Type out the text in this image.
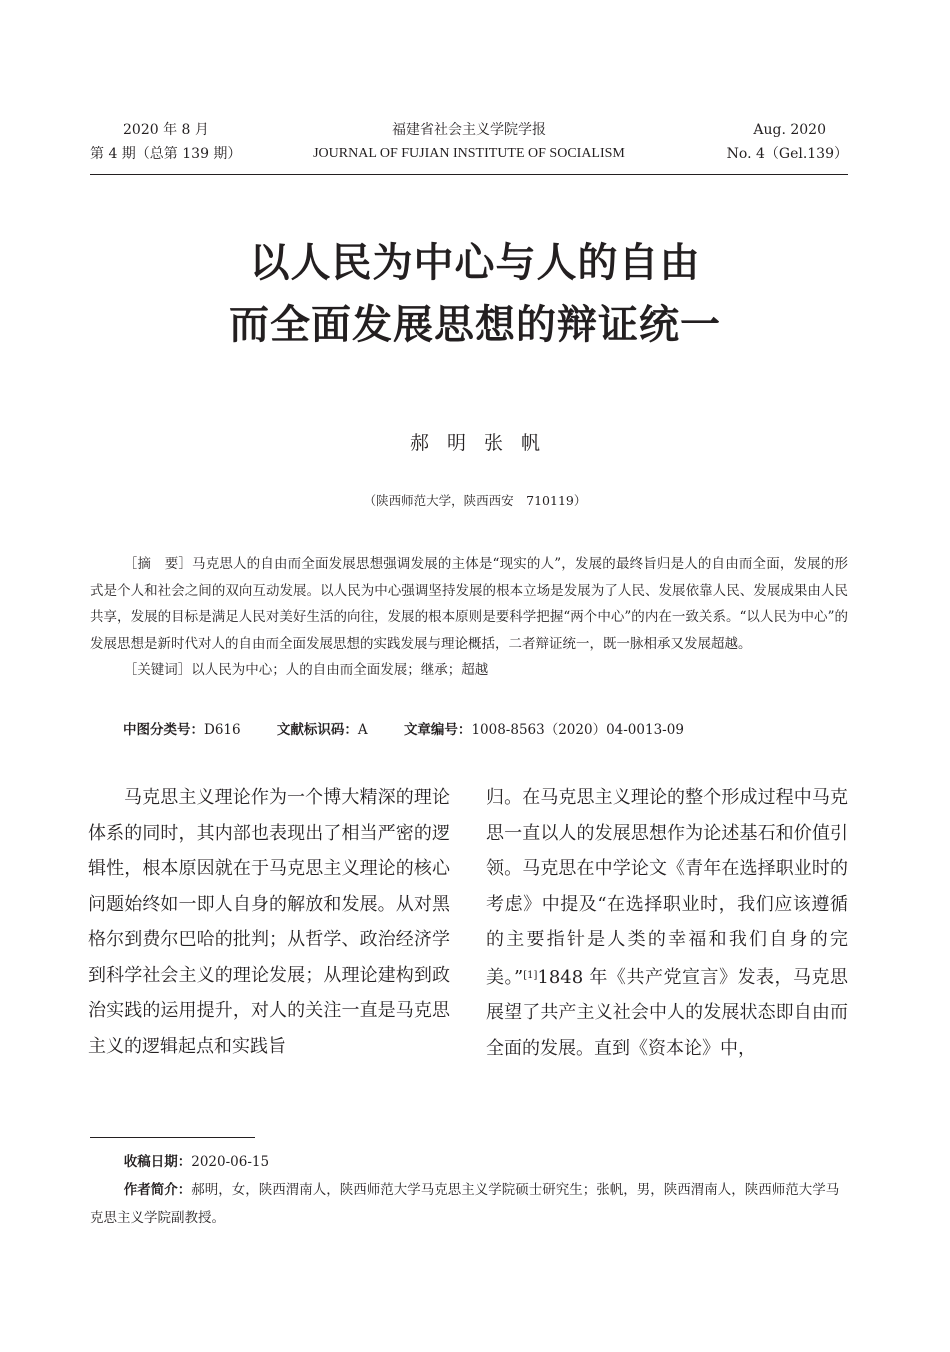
2020 年 8 月
第 4 期（总第 139 期）
福建省社会主义学院学报
JOURNAL OF FUJIAN INSTITUTE OF SOCIALISM
Aug. 2020
No. 4（Gel.139）
以人民为中心与人的自由
而全面发展思想的辩证统一
郝明张帆
（陕西师范大学，陕西西安　710119）

［摘　要］马克思人的自由而全面发展思想强调发展的主体是“现实的人”，发展的最终旨归是人的自由而全面，发展的形式是个人和社会之间的双向互动发展。以人民为中心强调坚持发展的根本立场是发展为了人民、发展依靠人民、发展成果由人民共享，发展的目标是满足人民对美好生活的向往，发展的根本原则是要科学把握“两个中心”的内在一致关系。“以人民为中心”的发展思想是新时代对人的自由而全面发展思想的实践发展与理论概括，二者辩证统一，既一脉相承又发展超越。

［关键词］以人民为中心；人的自由而全面发展；继承；超越

中图分类号：D616	文献标识码：A	文章编号：1008-8563（2020）04-0013-09

马克思主义理论作为一个博大精深的理论体系的同时，其内部也表现出了相当严密的逻辑性，根本原因就在于马克思主义理论的核心问题始终如一即人自身的解放和发展。从对黑格尔到费尔巴哈的批判；从哲学、政治经济学到科学社会主义的理论发展；从理论建构到政治实践的运用提升，对人的关注一直是马克思主义的逻辑起点和实践旨

归。在马克思主义理论的整个形成过程中马克思一直以人的发展思想作为论述基石和价值引领。马克思在中学论文《青年在选择职业时的考虑》中提及“在选择职业时，我们应该遵循的主要指针是人类的幸福和我们自身的完美。”[1]1848 年《共产党宣言》发表，马克思展望了共产主义社会中人的发展状态即自由而全面的发展。直到《资本论》中，

收稿日期：2020-06-15

作者简介：郝明，女，陕西渭南人，陕西师范大学马克思主义学院硕士研究生；张帆，男，陕西渭南人，陕西师范大学马克思主义学院副教授。
